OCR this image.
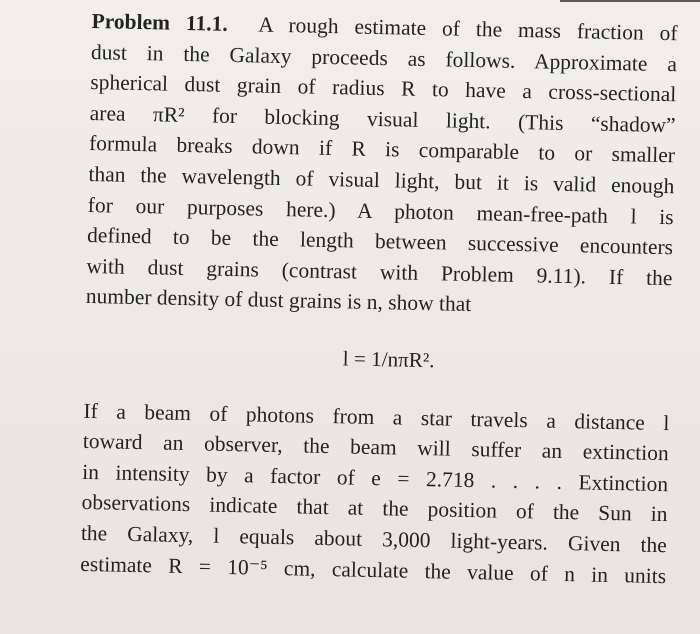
Problem 11.1. A rough estimate of the mass fraction of
dust in the Galaxy proceeds as follows. Approximate a
spherical dust grain of radius R to have a cross-sectional
area πR² for blocking visual light. (This “shadow”
formula breaks down if R is comparable to or smaller
than the wavelength of visual light, but it is valid enough
for our purposes here.) A photon mean-free-path l is
defined to be the length between successive encounters
with dust grains (contrast with Problem 9.11). If the
number density of dust grains is n, show that
l = 1/nπR².
If a beam of photons from a star travels a distance l
toward an observer, the beam will suffer an extinction
in intensity by a factor of e = 2.718 . . . . Extinction
observations indicate that at the position of the Sun in
the Galaxy, l equals about 3,000 light-years. Given the
estimate R = 10⁻⁵ cm, calculate the value of n in units
